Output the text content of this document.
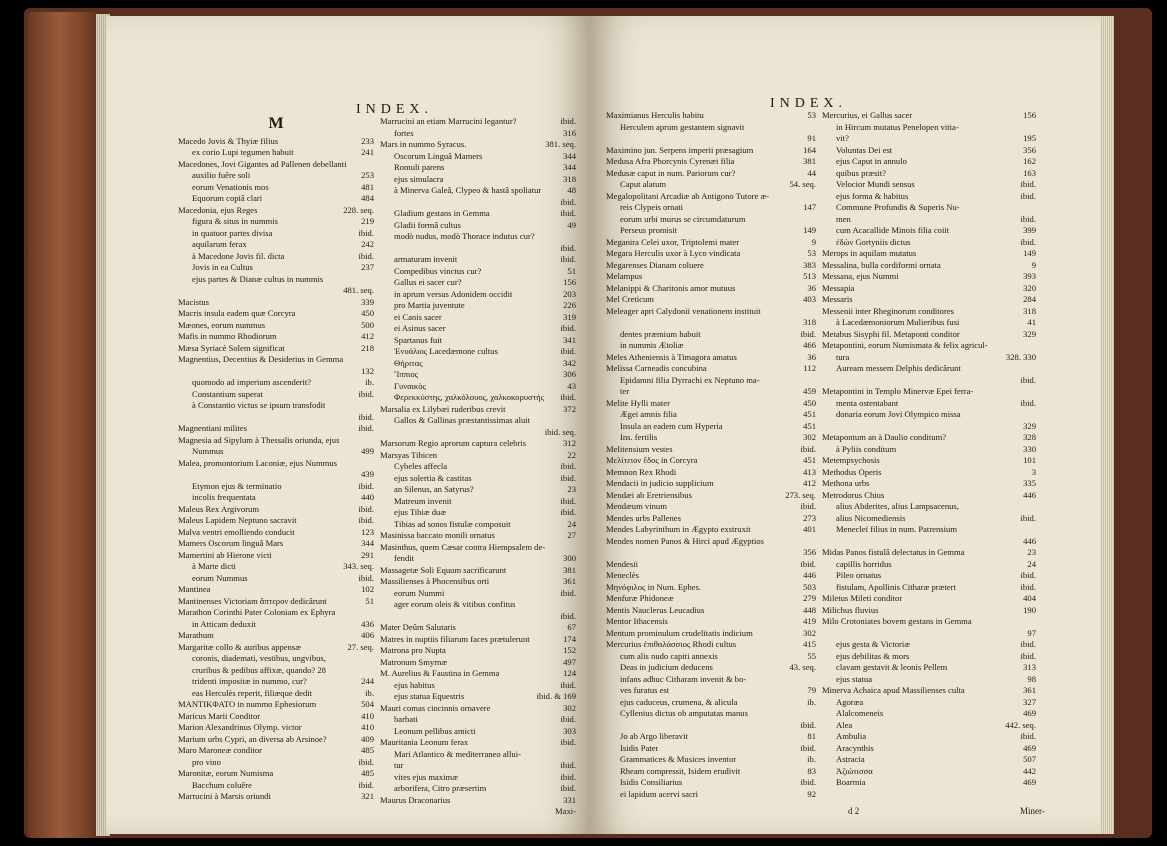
INDEX.
M
Macedo Jovis & Thyiæ filius	233
ex corio Lupi tegumen habuit	241
Macedones, Jovi Gigantes ad Pallenen debellanti
auxilio fuêre soli	253
eorum Venationis mos	481
Equorum copiâ clari	484
Macedonia, ejus Reges	228. seq.
figura & situs in nummis	219
in quatuor partes divisa	ibid.
aquilarum ferax	242
à Macedone Jovis fil. dicta	ibid.
Jovis in ea Cultus	237
ejus partes & Dianæ cultus in nummis
481. seq.
Macistus	339
Macris insula eadem quæ Corcyra	450
Mæones, eorum nummus	500
Mafis in nummo Rhodiorum	412
Mæsa Syriacè Solem significat	218
Magnentius, Decentius & Desiderius in Gemma
132
quomodo ad imperium ascenderit?	ib.
Constantium superat	ibid.
à Constantio victus se ipsum transfodit
ibid.
Magnentiani milites	ibid.
Magnesia ad Sipylum à Thessalis oriunda, ejus
Nummus	499
Malea, promontorium Laconiæ, ejus Nummus
439
Etymon ejus & terminatio	ibid.
incolis frequentata	440
Maleus Rex Argivorum	ibid.
Maleus Lapidem Neptuno sacravit	ibid.
Malva ventri emolliendo conducit	123
Mamers Oscorum linguâ Mars	344
Mamertini ab Hierone victi	291
à Marte dicti	343. seq.
eorum Nummus	ibid.
Mantinea	102
Mantinenses Victoriam ἄπτερον dedicârunt	51
Marathon Corinthi Pater Coloniam ex Ephyra
in Atticam deduxit	436
Marathum	406
Margaritæ collo & auribus appensæ	27. seq.
coronis, diademati, vestibus, ungvibus,
cruribus & pedibus affixæ, quando? 28
tridenti impositæ in nummo, cur?	244
eas Herculès reperit, filiæque dedit	ib.
MANTIKΦATO in nummo Ephesiorum	504
Maricus Marii Conditor	410
Marion Alexandrinus Olymp. victor	410
Marium urbs Cypri, an diversa ab Arsinoe?	409
Maro Maroneæ conditor	485
pro vino	ibid.
Maronitæ, eorum Numisma	485
Bacchum coluêre	ibid.
Marrucini à Marsis oriundi	321
Marrucini an etiam Marrucini legantur?	ibid.
fortes	316
Mars in nummo Syracus.	381. seq.
Oscorum Linguâ Mamers	344
Romuli parens	344
ejus simulacra	318
à Minerva Galeâ, Clypeo & hastâ spoliatur	48
ibid.
Gladium gestans in Gemma	ibid.
Gladii formâ cultus	49
modò nudus, modò Thorace indutus cur?
ibid.
armaturam invenit	ibid.
Compedibus vinctus cur?	51
Gallus ei sacer cur?	156
in aprum versus Adonidem occidit	203
pro Martia juventute	226
ei Canis sacer	319
ei Asinus sacer	ibid.
Spartanus fuit	341
Ἐνυάλιος Lacedæmone cultus	ibid.
Θήριτας	342
Ἵππιος	306
Γυναικὸς	43
Φερεκκύστης, χαλκόλουος, χαλκοκορυστής	ibid.
Marsalia ex Lilybæi ruderibus crevit	372
Gallos & Gallinas præstantissimas aluit
ibid. seq.
Marsorum Regio aprorum captura celebris	312
Marsyas Tibicen	22
Cybeles affecla	ibid.
ejus solertia & castitas	ibid.
an Silenus, an Satyrus?	23
Matreum invenit	ibid.
ejus Tibiæ duæ	ibid.
Tibias ad sonos fistulæ composuit	24
Masinissa baccato monili ornatus	27
Masinthus, quem Cæsar contra Hiempsalem de-
fendit	300
Massagetæ Soli Equum sacrificarunt	381
Massilienses à Phocensibus orti	361
eorum Nummi	ibid.
ager eorum oleis & vitibus confitus
ibid.
Mater Deûm Salutaris	67
Matres in nuptiis filiarum faces prætulerunt	174
Matrona pro Nupta	152
Matronum Smyrnæ	497
M. Aurelius & Faustina in Gemma	124
ejus habitus	ibid.
ejus statua Equestris	ibid. & 169
Mauri comas cincinnis ornavere	302
barbati	ibid.
Leonum pellibus amicti	303
Mauritania Leonum ferax	ibid.
Mari Atlantico & mediterraneo allui-
tur	ibid.
vites ejus maximæ	ibid.
arborifera, Citro præsertim	ibid.
Maurus Draconarius	331
Maxi-
INDEX.
Maximianus Herculis habitu	53
Herculem aprum gestantem signavit
91
Maximino jun. Serpens imperii præsagium	164
Medusa Afra Phorcynis Cyrenæi filia	381
Medusæ caput in num. Pariorum cur?	44
Caput alatum	54. seq.
Megalopolitani Arcadiæ ab Antigono Tutore æ-
reis Clypeis ornati	147
eorum urbi murus se circumdaturum
Perseus promisit	149
Meganira Celei uxor, Triptolemi mater	9
Megara Herculis uxor à Lyco vindicata	53
Megarenses Dianam coluere	383
Melampus	513
Melanippi & Charitonis amor mutuus	36
Mel Creticum	403
Meleager apri Calydonii venationem instituit
318
dentes præmium habuit	ibid.
in nummis Ætoliæ	466
Meles Atheniensis à Timagora amatus	36
Melissa Carneadis concubina	112
Epidamni filia Dyrrachi ex Neptuno ma-
ter	459
Melite Hylli mater	450
Ægei amnis filia	451
Insula an eadem cum Hyperia	451
Ins. fertilis	302
Melitensium vestes	ibid.
Μελίτειον ἔδος in Corcyra	451
Memnon Rex Rhodi	413
Mendacii in judicio supplicium	412
Mendæi ab Eretriensibus	273. seq.
Mendæum vinum	ibid.
Mendes urbs Pallenes	273
Mendes Labyrinthum in Ægypto exstruxit	401
Mendes nomen Panos & Hirci apud Ægyptios
356
Mendesii	ibid.
Meneclès	446
Μηνόφιλος in Num. Ephes.	503
Menfuræ Phidoneæ	279
Mentis Nauclerus Leucadius	448
Mentor Ithacensis	419
Mentum prominulum crudelitatis indicium	302
Mercurius ἐπιθαλάσσιος Rhodi cultus	415
cum alis nudo capiti annexis	55
Deas in judicium deducens	43. seq.
infans adhuc Citharam invenit & bo-
ves furatus est	79
ejus caduceus, crumena, & alicula	ib.
Cyllenius dictus ob amputatas manus
ibid.
Jo ab Argo liberavit	81
Isidis Pater	ibid.
Grammatices & Musices inventor	ib.
Rheam compressit, Isidem erudivit	83
Isidis Consiliarius	ibid.
ei lapidum acervi sacri	92
Mercurius, ei Gallus sacer	156
in Hircum mutatus Penelopen vitia-
vit?	195
Voluntas Dei est	356
ejus Caput in annulo	162
quibus præsit?	163
Velocior Mundi sensus	ibid.
ejus forma & habitus	ibid.
Commune Profundis & Superis Nu-
men	ibid.
cum Acacallide Minois filia coiit	399
ἐδὼν Gortyniis dictus	ibid.
Merops in aquilam mutatus	149
Messalina, bulla cordiformi ornata	9
Messana, ejus Nummi	393
Messapia	320
Messaris	284
Messenii inter Rheginorum conditores	318
à Lacedæmoniorum Mulieribus fusi	41
Metabus Sisyphi fil. Metaponti conditor	329
Metapontini, eorum Numismata & felix agricul-
tura	328. 330
Auream messem Delphis dedicârunt
ibid.
Metapontini in Templo Minervæ Epei ferra-
menta ostentabant	ibid.
donaria eorum Jovi Olympico missa
329
Metapontum an à Daulio conditum?	328
à Pyliis conditum	330
Metempsychosis	101
Methodus Operis	3
Methona urbs	335
Metrodorus Chius	446
alius Abderites, alius Lampsacenus,
alius Nicomediensis	ibid.
Menecleï filius in num. Patrensium
446
Midas Panos fistulâ delectatus in Gemma	23
capillis horridus	24
Pileo ornatus	ibid.
fistulam, Apollinis Citharæ prætert	ibid.
Miletus Mileti conditor	404
Milichus fluvius	190
Milo Crotoniates bovem gestans in Gemma
97
ejus gesta & Victoriæ	ibid.
ejus debilitas & mors	ibid.
clavam gestavit & leonis Pellem	313
ejus statua	98
Minerva Achaica apud Massilienses culta	361
Agoræa	327
Alalcomeneis	469
Alea	442. seq.
Ambulia	ibid.
Aracynthis	469
Astracia	507
Ἀζιώτισσα	442
Boarmia	469
d 2	Miner-
